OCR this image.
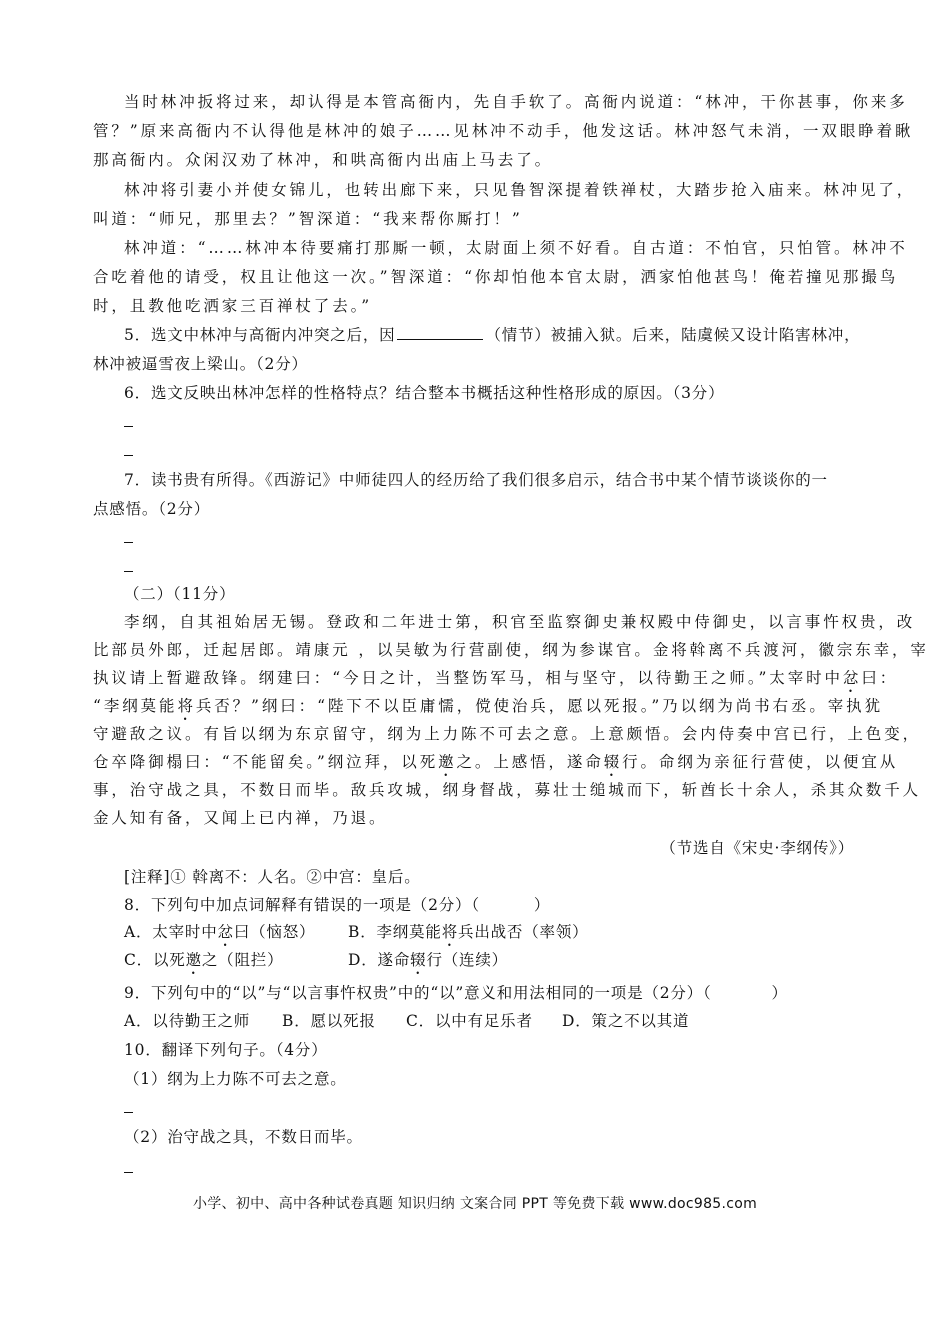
当时林冲扳将过来，却认得是本管高衙内，先自手软了。高衙内说道：“林冲，干你甚事，你来多
管？”原来高衙内不认得他是林冲的娘子……见林冲不动手，他发这话。林冲怒气未消，一双眼睁着瞅
那高衙内。众闲汉劝了林冲，和哄高衙内出庙上马去了。
林冲将引妻小并使女锦儿，也转出廊下来，只见鲁智深提着铁禅杖，大踏步抢入庙来。林冲见了，
叫道：“师兄，那里去？”智深道：“我来帮你厮打！”
林冲道：“……林冲本待要痛打那厮一顿，太尉面上须不好看。自古道：不怕官，只怕管。林冲不
合吃着他的请受，权且让他这一次。”智深道：“你却怕他本官太尉，洒家怕他甚鸟！俺若撞见那撮鸟
时，且教他吃洒家三百禅杖了去。”
5．选文中林冲与高衙内冲突之后，因	（情节）被捕入狱。后来，陆虞候又设计陷害林冲，
林冲被逼雪夜上梁山。（2分）
6．选文反映出林冲怎样的性格特点？结合整本书概括这种性格形成的原因。（3分）
7．读书贵有所得。《西游记》中师徒四人的经历给了我们很多启示，结合书中某个情节谈谈你的一
点感悟。（2分）
（二）（11分）
李纲，自其祖始居无锡。登政和二年进士第，积官至监察御史兼权殿中侍御史，以言事忤权贵，改
比部员外郎，迁起居郎。靖康元 ，以吴敏为行营副使，纲为参谋官。金将斡离不兵渡河，徽宗东幸，宰
执议请上暂避敌锋。纲建曰：“今日之计，当整饬军马，相与坚守，以待勤王之师。”太宰时中忿曰：
“李纲莫能将兵否？”纲曰：“陛下不以臣庸懦，傥使治兵，愿以死报。”乃以纲为尚书右丞。宰执犹
守避敌之议。有旨以纲为东京留守，纲为上力陈不可去之意。上意颇悟。会内侍奏中宫已行，上色变，
仓卒降御榻曰：“不能留矣。”纲泣拜，以死邀之。上感悟，遂命辍行。命纲为亲征行营使，以便宜从
事，治守战之具，不数日而毕。敌兵攻城，纲身督战，募壮士缒城而下，斩酋长十余人，杀其众数千人
金人知有备，又闻上已内禅，乃退。
（节选自《宋史·李纲传》）
[注释]① 斡离不：人名。②中宫：皇后。
8．下列句中加点词解释有错误的一项是（2分）（	）
A．太宰时中忿曰（恼怒） B．李纲莫能将兵出战否（率领）
C．以死邀之（阻拦）	D．遂命辍行（连续）
9．下列句中的“以”与“以言事忤权贵”中的“以”意义和用法相同的一项是（2分）（	）
A．以待勤王之师 B．愿以死报 C．以中有足乐者 D．策之不以其道
10．翻译下列句子。（4分）
（1）纲为上力陈不可去之意。
（2）治守战之具，不数日而毕。
小学、初中、高中各种试卷真题 知识归纳 文案合同 PPT 等免费下载 www.doc985.com
